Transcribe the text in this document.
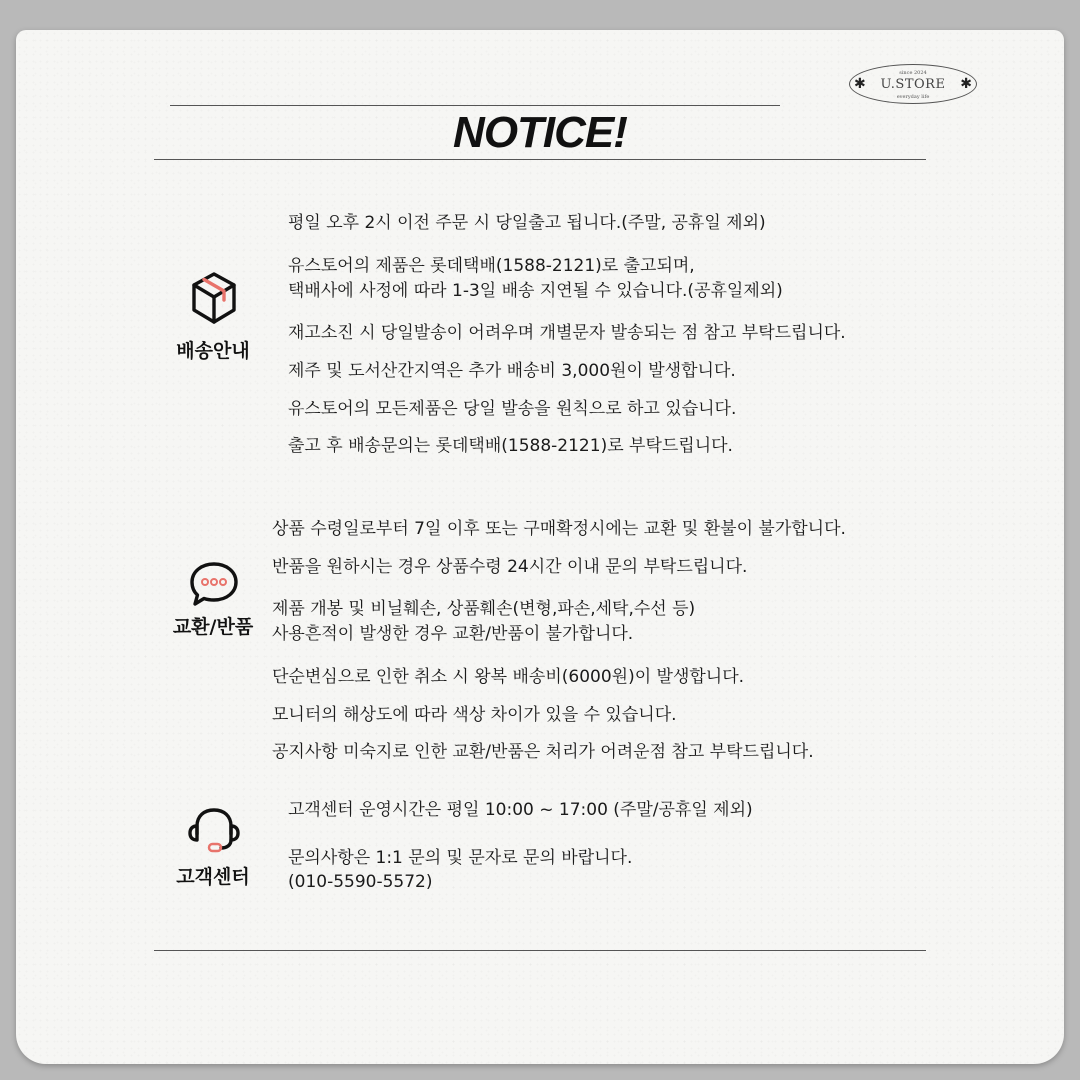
since 2024
U.STORE
everyday life
✱	✱
NOTICE!
배송안내
평일 오후 2시 이전 주문 시 당일출고 됩니다.(주말, 공휴일 제외)
유스토어의 제품은 롯데택배(1588-2121)로 출고되며,
택배사에 사정에 따라 1-3일 배송 지연될 수 있습니다.(공휴일제외)
재고소진 시 당일발송이 어려우며 개별문자 발송되는 점 참고 부탁드립니다.
제주 및 도서산간지역은 추가 배송비 3,000원이 발생합니다.
유스토어의 모든제품은 당일 발송을 원칙으로 하고 있습니다.
출고 후 배송문의는 롯데택배(1588-2121)로 부탁드립니다.
교환/반품
상품 수령일로부터 7일 이후 또는 구매확정시에는 교환 및 환불이 불가합니다.
반품을 원하시는 경우 상품수령 24시간 이내 문의 부탁드립니다.
제품 개봉 및 비닐훼손, 상품훼손(변형,파손,세탁,수선 등)
사용흔적이 발생한 경우 교환/반품이 불가합니다.
단순변심으로 인한 취소 시 왕복 배송비(6000원)이 발생합니다.
모니터의 해상도에 따라 색상 차이가 있을 수 있습니다.
공지사항 미숙지로 인한 교환/반품은 처리가 어려운점 참고 부탁드립니다.
고객센터
고객센터 운영시간은 평일 10:00 ~ 17:00 (주말/공휴일 제외)
문의사항은 1:1 문의 및 문자로 문의 바랍니다.
(010-5590-5572)
